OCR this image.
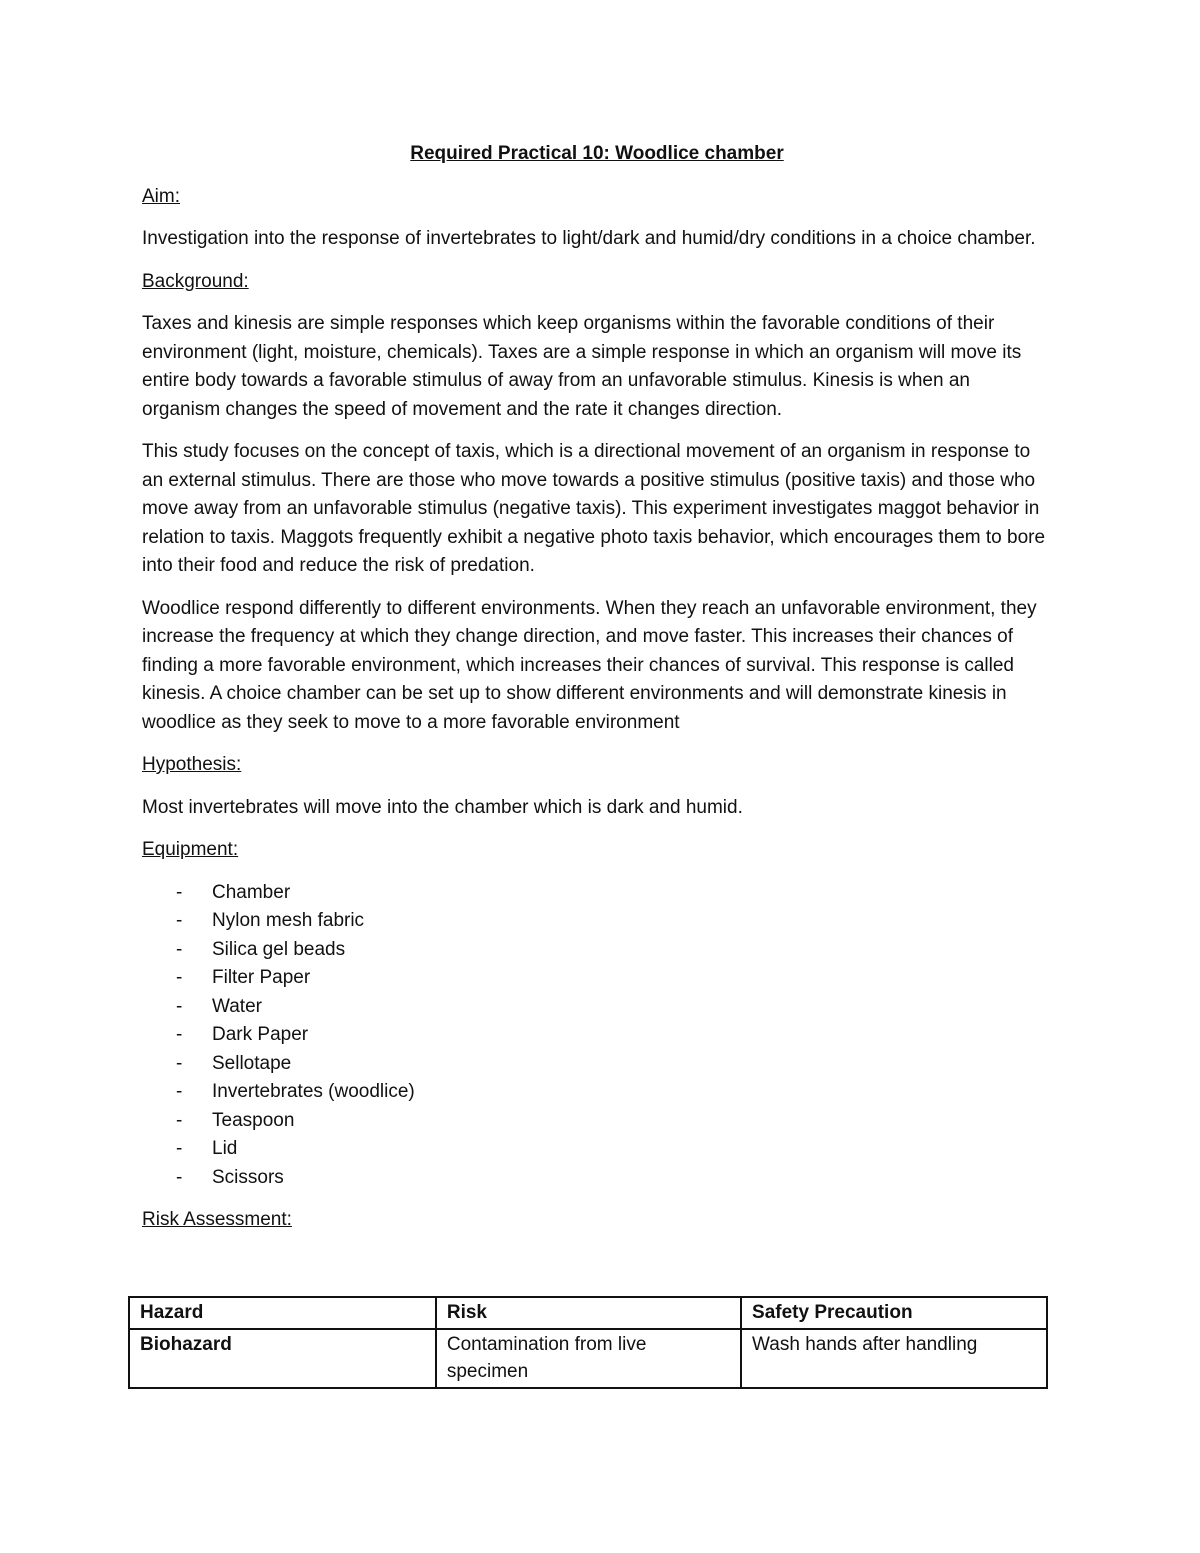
Required Practical 10: Woodlice chamber
Aim:

Investigation into the response of invertebrates to light/dark and humid/dry conditions in a choice chamber.

Background:

Taxes and kinesis are simple responses which keep organisms within the favorable conditions of their environment (light, moisture, chemicals). Taxes are a simple response in which an organism will move its entire body towards a favorable stimulus of away from an unfavorable stimulus. Kinesis is when an organism changes the speed of movement and the rate it changes direction.

This study focuses on the concept of taxis, which is a directional movement of an organism in response to an external stimulus. There are those who move towards a positive stimulus (positive taxis) and those who move away from an unfavorable stimulus (negative taxis). This experiment investigates maggot behavior in relation to taxis. Maggots frequently exhibit a negative photo taxis behavior, which encourages them to bore into their food and reduce the risk of predation.

Woodlice respond differently to different environments. When they reach an unfavorable environment, they increase the frequency at which they change direction, and move faster. This increases their chances of finding a more favorable environment, which increases their chances of survival. This response is called kinesis. A choice chamber can be set up to show different environments and will demonstrate kinesis in woodlice as they seek to move to a more favorable environment

Hypothesis:

Most invertebrates will move into the chamber which is dark and humid.

Equipment:
-	Chamber
-	Nylon mesh fabric
-	Silica gel beads
-	Filter Paper
-	Water
-	Dark Paper
-	Sellotape
-	Invertebrates (woodlice)
-	Teaspoon
-	Lid
-	Scissors
Risk Assessment:
Hazard	Risk	Safety Precaution
Biohazard	Contamination from live specimen	Wash hands after handling
